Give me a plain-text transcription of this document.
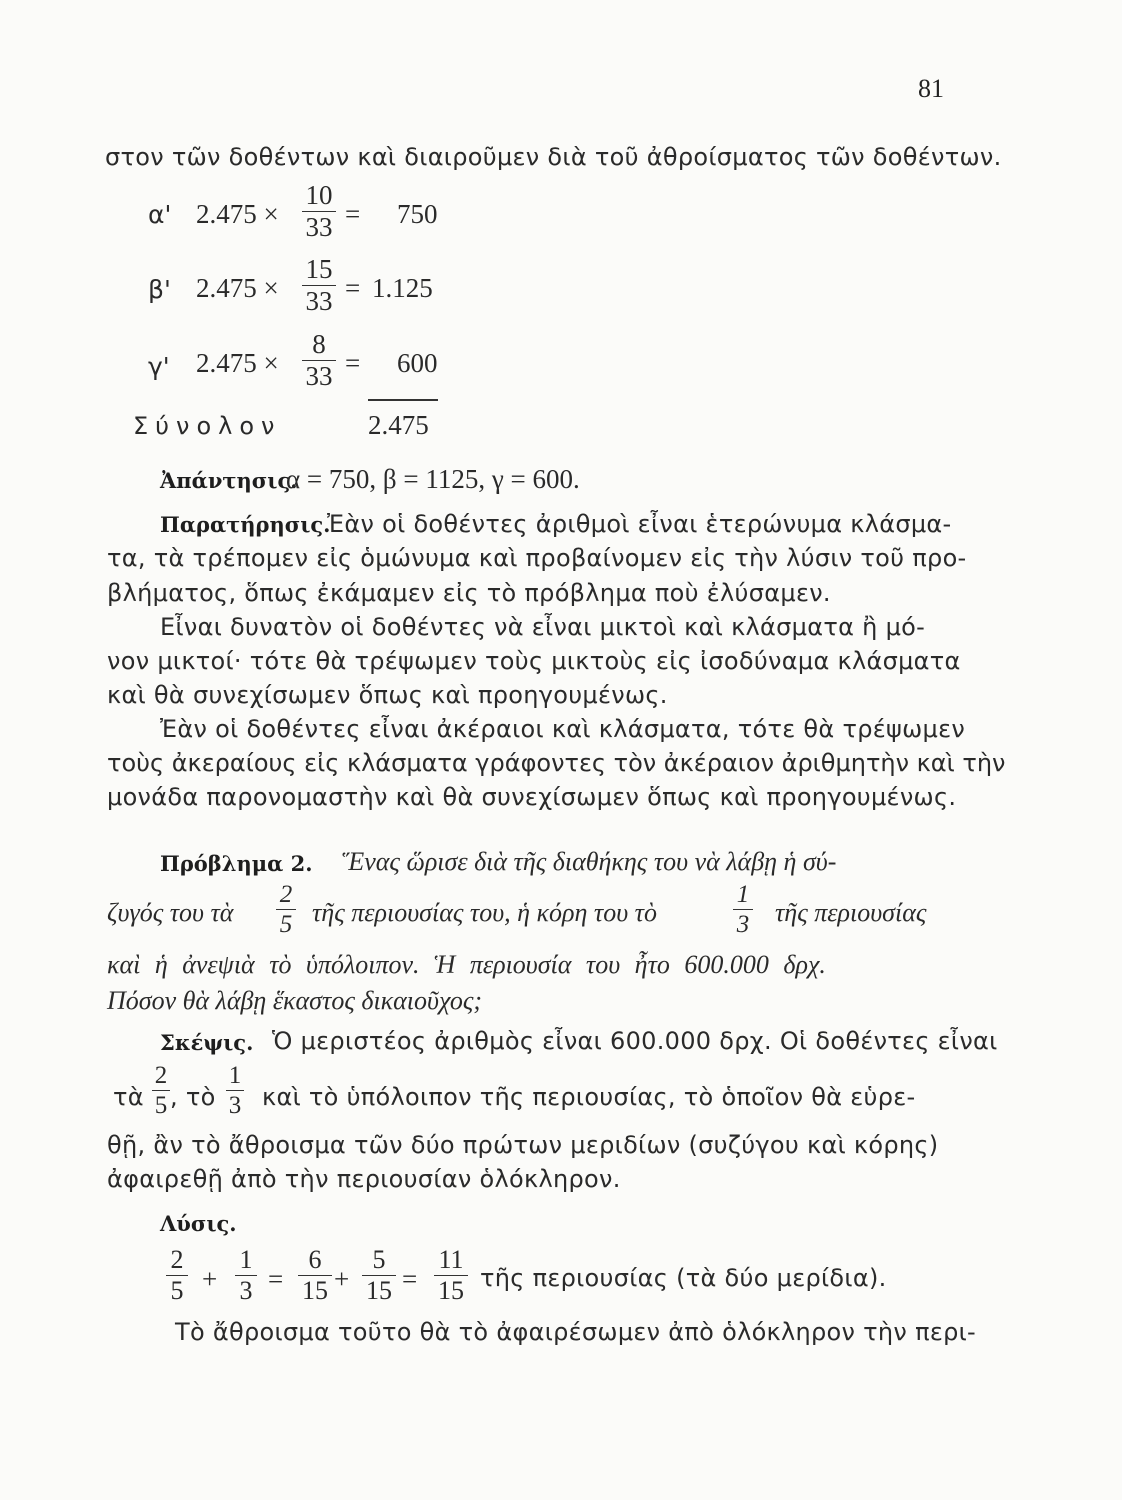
81
στον τῶν δοθέντων καὶ διαιροῦμεν διὰ τοῦ ἀθροίσματος τῶν δοθέντων.
α' 2.475 ×
10
33 = 750
β' 2.475 ×
15
33 = 1.125
γ' 2.475 ×
8
33 = 600
Σύνολον	2.475
Ἀπάντησις.
α = 750, β = 1125, γ = 600.
Παρατήρησις.
Ἐὰν οἱ δοθέντες ἀριθμοὶ εἶναι ἑτερώνυμα κλάσμα-
τα, τὰ τρέπομεν εἰς ὁμώνυμα καὶ προβαίνομεν εἰς τὴν λύσιν τοῦ προ-
βλήματος, ὅπως ἐκάμαμεν εἰς τὸ πρόβλημα ποὺ ἐλύσαμεν.
Εἶναι δυνατὸν οἱ δοθέντες νὰ εἶναι μικτοὶ καὶ κλάσματα ἢ μό-
νον μικτοί· τότε θὰ τρέψωμεν τοὺς μικτοὺς εἰς ἰσοδύναμα κλάσματα
καὶ θὰ συνεχίσωμεν ὅπως καὶ προηγουμένως.
Ἐὰν οἱ δοθέντες εἶναι ἀκέραιοι καὶ κλάσματα, τότε θὰ τρέψωμεν
τοὺς ἀκεραίους εἰς κλάσματα γράφοντες τὸν ἀκέραιον ἀριθμητὴν καὶ τὴν
μονάδα παρονομαστὴν καὶ θὰ συνεχίσωμεν ὅπως καὶ προηγουμένως.
Πρόβλημα 2. Ἕνας ὥρισε διὰ τῆς διαθήκης του νὰ λάβῃ ἡ σύ-
ζυγός του τὰ
2
5 τῆς περιουσίας του, ἡ κόρη του τὸ
1
3 τῆς περιουσίας
καὶ ἡ ἀνεψιὰ τὸ ὑπόλοιπον. Ἡ περιουσία του ἦτο 600.000 δρχ.
Πόσον θὰ λάβῃ ἕκαστος δικαιοῦχος;
Σκέψις. Ὁ μεριστέος ἀριθμὸς εἶναι 600.000 δρχ. Οἱ δοθέντες εἶναι
τὰ
2
5 , τὸ
1
3 καὶ τὸ ὑπόλοιπον τῆς περιουσίας, τὸ ὁποῖον θὰ εὑρε-
θῇ, ἂν τὸ ἄθροισμα τῶν δύο πρώτων μεριδίων (συζύγου καὶ κόρης)
ἀφαιρεθῇ ἀπὸ τὴν περιουσίαν ὁλόκληρον.
Λύσις.
2
5 +
1
3 =
6
15 +
5
15 =
11
15 τῆς περιουσίας (τὰ δύο μερίδια).
Τὸ ἄθροισμα τοῦτο θὰ τὸ ἀφαιρέσωμεν ἀπὸ ὁλόκληρον τὴν περι-
